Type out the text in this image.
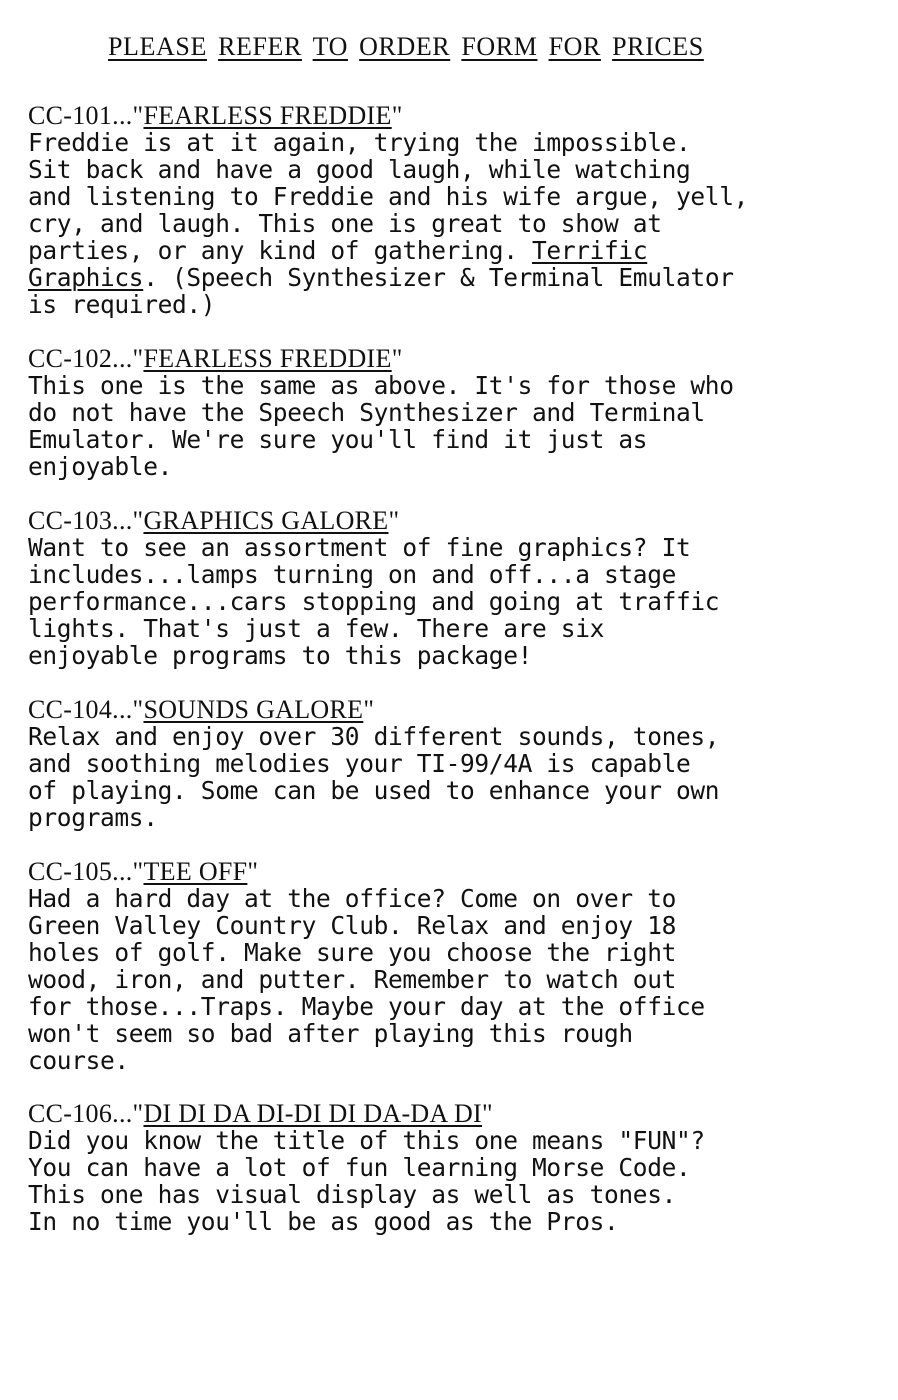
PLEASE REFER TO ORDER FORM FOR PRICES
CC-101..."FEARLESS FREDDIE"
Freddie is at it again, trying the impossible.
Sit back and have a good laugh, while watching
and listening to Freddie and his wife argue, yell,
cry, and laugh. This one is great to show at
parties, or any kind of gathering. Terrific
Graphics. (Speech Synthesizer & Terminal Emulator
is required.)
CC-102..."FEARLESS FREDDIE"
This one is the same as above. It's for those who
do not have the Speech Synthesizer and Terminal
Emulator. We're sure you'll find it just as
enjoyable.
CC-103..."GRAPHICS GALORE"
Want to see an assortment of fine graphics? It
includes...lamps turning on and off...a stage
performance...cars stopping and going at traffic
lights. That's just a few. There are six
enjoyable programs to this package!
CC-104..."SOUNDS GALORE"
Relax and enjoy over 30 different sounds, tones,
and soothing melodies your TI-99/4A is capable
of playing. Some can be used to enhance your own
programs.
CC-105..."TEE OFF"
Had a hard day at the office? Come on over to
Green Valley Country Club. Relax and enjoy 18
holes of golf. Make sure you choose the right
wood, iron, and putter. Remember to watch out
for those...Traps. Maybe your day at the office
won't seem so bad after playing this rough
course.
CC-106..."DI DI DA DI-DI DI DA-DA DI"
Did you know the title of this one means "FUN"?
You can have a lot of fun learning Morse Code.
This one has visual display as well as tones.
In no time you'll be as good as the Pros.
